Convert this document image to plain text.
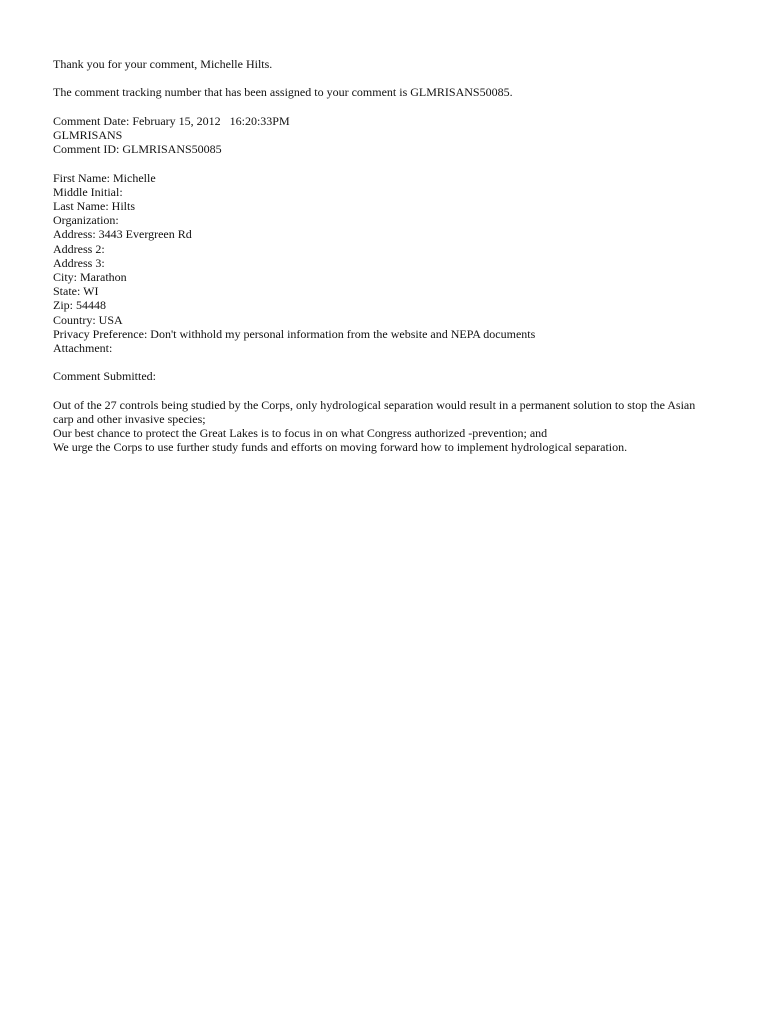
Thank you for your comment, Michelle Hilts.
The comment tracking number that has been assigned to your comment is GLMRISANS50085.
Comment Date: February 15, 2012   16:20:33PM
GLMRISANS
Comment ID: GLMRISANS50085
First Name: Michelle
Middle Initial:
Last Name: Hilts
Organization:
Address: 3443 Evergreen Rd
Address 2:
Address 3:
City: Marathon
State: WI
Zip: 54448
Country: USA
Privacy Preference: Don't withhold my personal information from the website and NEPA documents
Attachment:
Comment Submitted:
Out of the 27 controls being studied by the Corps, only hydrological separation would result in a permanent solution to stop the Asian carp and other invasive species;
Our best chance to protect the Great Lakes is to focus in on what Congress authorized -prevention; and
We urge the Corps to use further study funds and efforts on moving forward how to implement hydrological separation.
